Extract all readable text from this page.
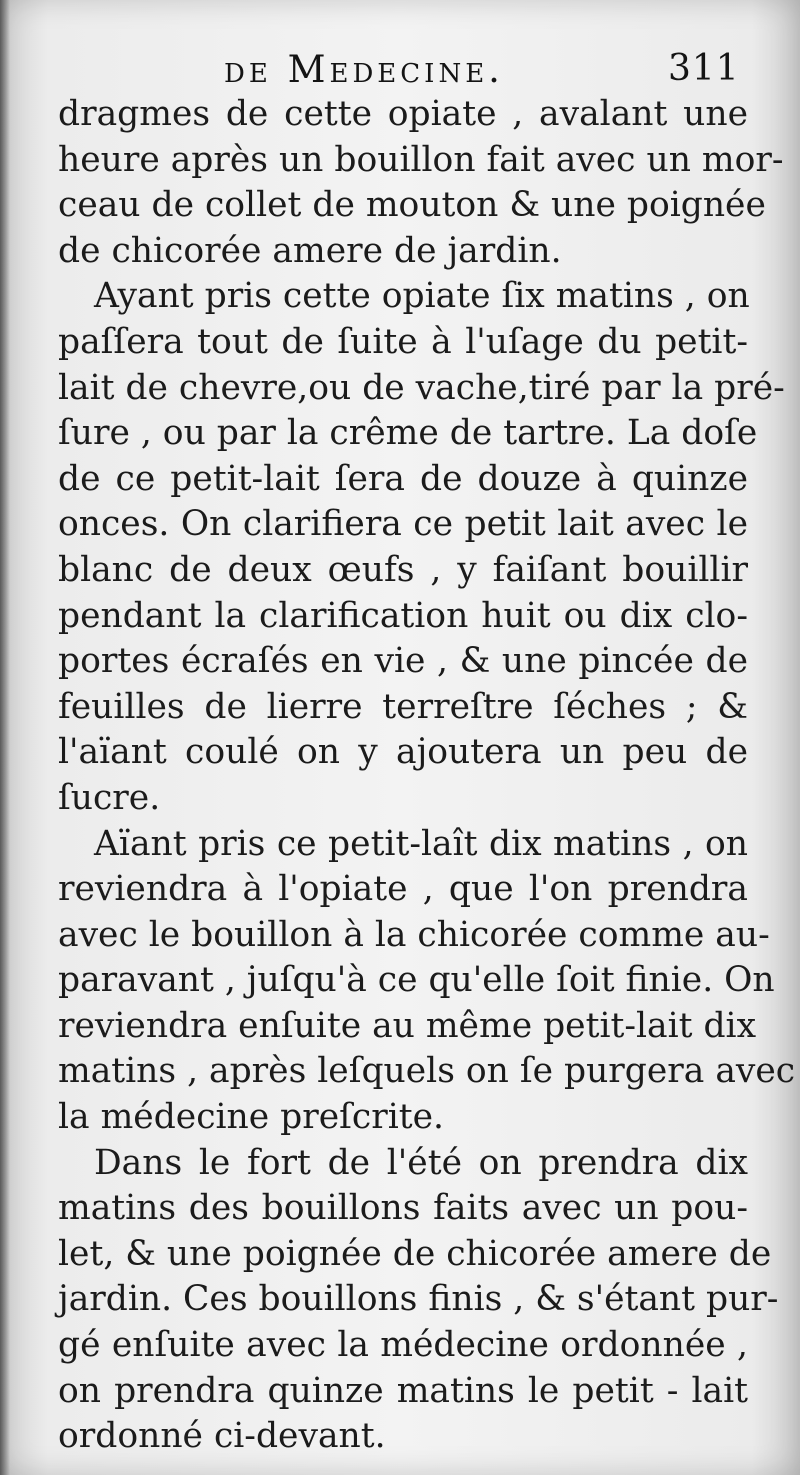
de Medecine.	311
dragmes de cette opiate , avalant une
heure après un bouillon fait avec un mor-
ceau de collet de mouton & une poignée
de chicorée amere de jardin.
Ayant pris cette opiate ſix matins , on
paſſera tout de ſuite à l'uſage du petit-
lait de chevre,ou de vache,tiré par la pré-
ſure , ou par la crême de tartre. La doſe
de ce petit-lait ſera de douze à quinze
onces. On clarifiera ce petit lait avec le
blanc de deux œufs , y faiſant bouillir
pendant la clarification huit ou dix clo-
portes écraſés en vie , & une pincée de
feuilles de lierre terreſtre ſéches ; &
l'aïant coulé on y ajoutera un peu de
ſucre.
Aïant pris ce petit-laît dix matins , on
reviendra à l'opiate , que l'on prendra
avec le bouillon à la chicorée comme au-
paravant , juſqu'à ce qu'elle ſoit finie. On
reviendra enſuite au même petit-lait dix
matins , après leſquels on ſe purgera avec
la médecine preſcrite.
Dans le fort de l'été on prendra dix
matins des bouillons faits avec un pou-
let, & une poignée de chicorée amere de
jardin. Ces bouillons finis , & s'étant pur-
gé enſuite avec la médecine ordonnée ,
on prendra quinze matins le petit - lait
ordonné ci-devant.
